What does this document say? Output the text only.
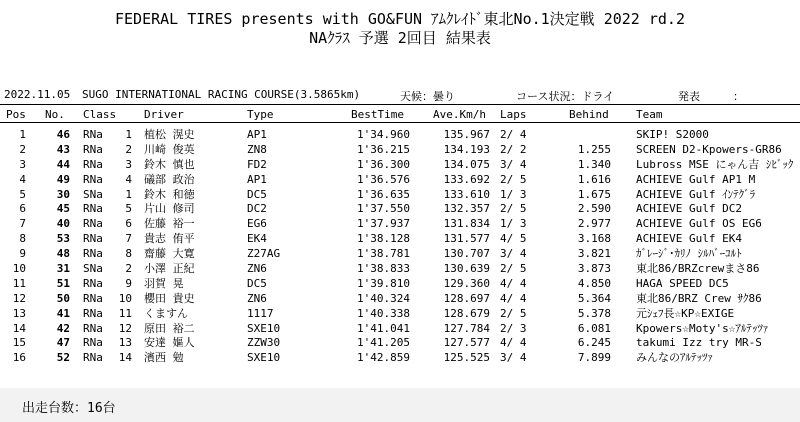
FEDERAL TIRES presents with GO&FUN ｱﾑｸﾚｲﾄﾞ東北No.1決定戦 2022 rd.2
NAｸﾗｽ 予選 2回目 結果表
2022.11.05 SUGO INTERNATIONAL RACING COURSE(3.5865km)	天候：曇り	コース状況：ドライ	発表　　　：
Pos No. Class	Driver	Type	BestTime	Ave.Km/h Laps	Behind Team
1	46 RNa	1 植松 滉史	AP1	1'34.960	135.967 2/ 4	SKIP! S2000
2	43 RNa	2 川崎 俊英	ZN8	1'36.215	134.193 2/ 2	1.255 SCREEN D2-Kpowers-GR86
3	44 RNa	3 鈴木 慎也	FD2	1'36.300	134.075 3/ 4	1.340 Lubross MSE にゃん吉 ｼﾋﾞｯｸ
4	49 RNa	4 礒部 政治	AP1	1'36.576	133.692 2/ 5	1.616 ACHIEVE Gulf AP1 M
5	30 SNa	1 鈴木 和徳	DC5	1'36.635	133.610 1/ 3	1.675 ACHIEVE Gulf ｲﾝﾃｸﾞﾗ
6	45 RNa	5 片山 修司	DC2	1'37.550	132.357 2/ 5	2.590 ACHIEVE Gulf DC2
7	40 RNa	6 佐藤 裕一	EG6	1'37.937	131.834 1/ 3	2.977 ACHIEVE Gulf OS EG6
8	53 RNa	7 貴志 侑平	EK4	1'38.128	131.577 4/ 5	3.168 ACHIEVE Gulf EK4
9	48 RNa	8 齋藤 大寛	Z27AG	1'38.781	130.707 3/ 4	3.821 ｶﾞﾚｰｼﾞ･ｶﾘﾉ ｼﾙﾊﾞｰｺﾙﾄ
10	31 SNa	2 小澤 正紀	ZN6	1'38.833	130.639 2/ 5	3.873 東北86/BRZcrewまさ86
11	51 RNa	9 羽賀 晃	DC5	1'39.810	129.360 4/ 4	4.850 HAGA SPEED DC5
12	50 RNa	10 櫻田 貴史	ZN6	1'40.324	128.697 4/ 4	5.364 東北86/BRZ Crew ｻｸ86
13	41 RNa	11 くますん	1117	1'40.338	128.679 2/ 5	5.378 元ｼｪﾌ長☆KP☆EXIGE
14	42 RNa	12 原田 裕二	SXE10	1'41.041	127.784 2/ 3	6.081 Kpowers☆Moty's☆ｱﾙﾃｯﾂｧ
15	47 RNa	13 安達 嫗人	ZZW30	1'41.205	127.577 4/ 4	6.245 takumi Izz try MR-S
16	52 RNa	14 濱西 勉	SXE10	1'42.859	125.525 3/ 4	7.899 みんなのｱﾙﾃｯﾂｧ
出走台数：16台
